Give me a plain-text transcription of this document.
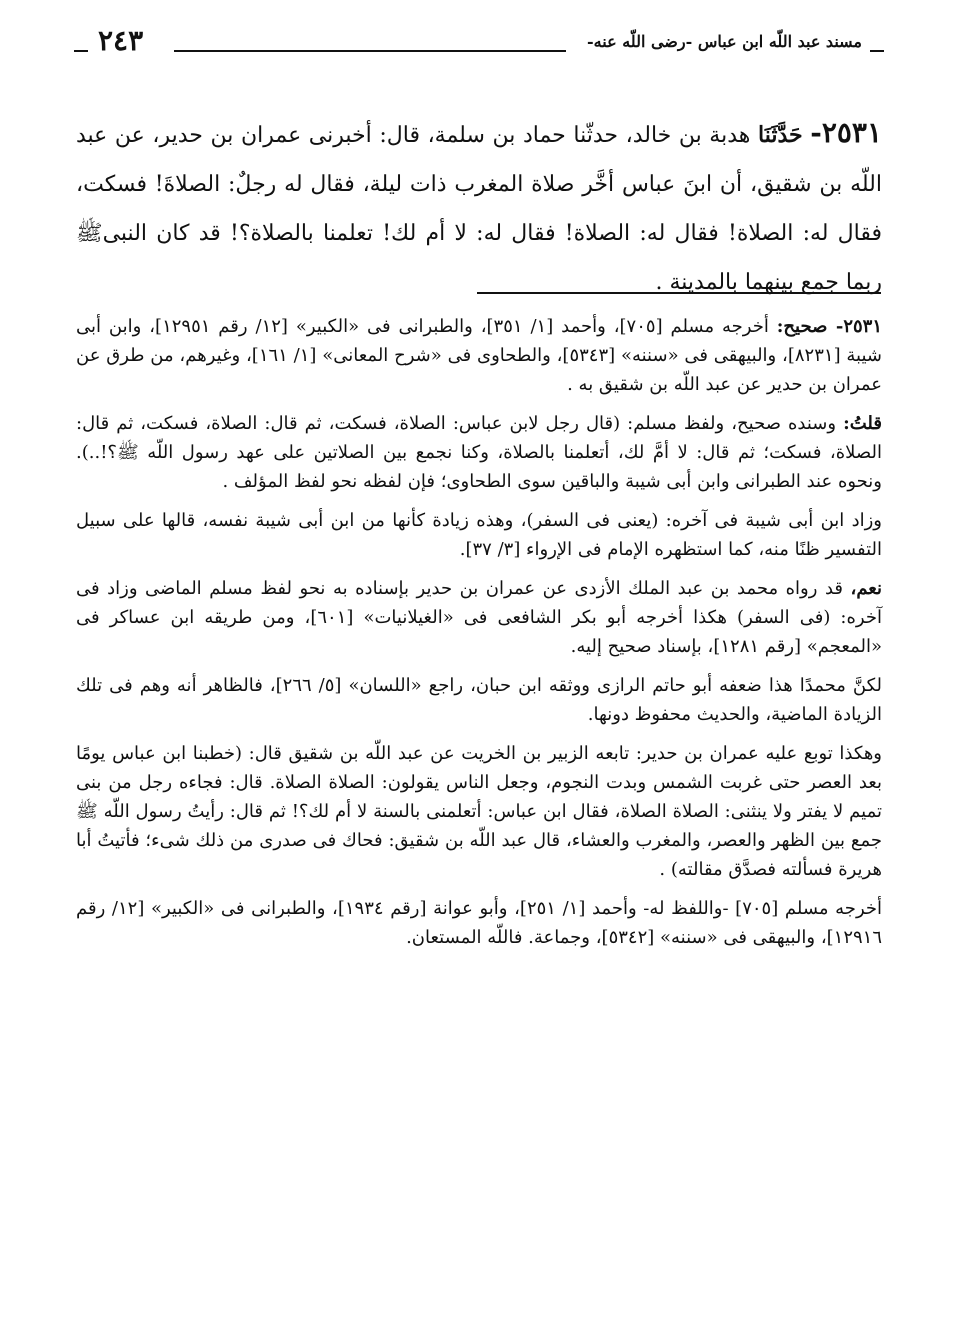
مسند عبد اللّه ابن عباس -رضى اللّه عنه-
٢٤٣

٢٥٣١- حَدَّثَنَا هدبة بن خالد، حدثّنا حماد بن سلمة، قال: أخبرنى عمران بن حدير، عن عبد اللّه بن شقيق، أن ابنَ عباس أخَّر صلاة المغرب ذات ليلة، فقال له رجلٌ: الصلاةَ! فسكت، فقال له: الصلاة! فقال له: الصلاة! فقال له: لا أم لك! تعلمنا بالصلاة؟! قد كان النبىﷺ ربما جمع بينهما بالمدينة .

٢٥٣١- صحيح: أخرجه مسلم [٧٠٥]، وأحمد [١/ ٣٥١]، والطبرانى فى «الكبير» [١٢/ رقم ١٢٩٥١]، وابن أبى شيبة [٨٢٣١]، والبيهقى فى «سننه» [٥٣٤٣]، والطحاوى فى «شرح المعانى» [١/ ١٦١]، وغيرهم، من طرق عن عمران بن حدير عن عبد اللّه بن شقيق به .

قلتُ: وسنده صحيح، ولفظ مسلم: (قال رجل لابن عباس: الصلاة، فسكت، ثم قال: الصلاة، فسكت، ثم قال: الصلاة، فسكت؛ ثم قال: لا أمَّ لك، أتعلمنا بالصلاة، وكنا نجمع بين الصلاتين على عهد رسول اللّه ﷺ؟!..). ونحوه عند الطبرانى وابن أبى شيبة والباقين سوى الطحاوى؛ فإن لفظه نحو لفظ المؤلف .

وزاد ابن أبى شيبة فى آخره: (يعنى فى السفر)، وهذه زيادة كأنها من ابن أبى شيبة نفسه، قالها على سبيل التفسير ظنًا منه، كما استظهره الإمام فى الإرواء [٣/ ٣٧].

نعم، قد رواه محمد بن عبد الملك الأزدى عن عمران بن حدير بإسناده به نحو لفظ مسلم الماضى وزاد فى آخره: (فى السفر) هكذا أخرجه أبو بكر الشافعى فى «الغيلانيات» [٦٠١]، ومن طريقه ابن عساكر فى «المعجم» [رقم ١٢٨١]، بإسناد صحيح إليه.

لكنَّ محمدًا هذا ضعفه أبو حاتم الرازى ووثقه ابن حبان، راجع «اللسان» [٥/ ٢٦٦]، فالظاهر أنه وهم فى تلك الزيادة الماضية، والحديث محفوظ دونها.

وهكذا توبع عليه عمران بن حدير: تابعه الزبير بن الخريت عن عبد اللّه بن شقيق قال: (خطبنا ابن عباس يومًا بعد العصر حتى غربت الشمس وبدت النجوم، وجعل الناس يقولون: الصلاة الصلاة. قال: فجاءه رجل من بنى تميم لا يفتر ولا ينثنى: الصلاة الصلاة، فقال ابن عباس: أتعلمنى بالسنة لا أم لك؟! ثم قال: رأيتُ رسول اللّه ﷺ جمع بين الظهر والعصر، والمغرب والعشاء، قال عبد اللّه بن شقيق: فحاك فى صدرى من ذلك شىء؛ فأتيتُ أبا هريرة فسألته فصدَّق مقالته) .

أخرجه مسلم [٧٠٥] -واللفظ له- وأحمد [١/ ٢٥١]، وأبو عوانة [رقم ١٩٣٤]، والطبرانى فى «الكبير» [١٢/ رقم ١٢٩١٦]، والبيهقى فى «سننه» [٥٣٤٢]، وجماعة. فاللّه المستعان.
